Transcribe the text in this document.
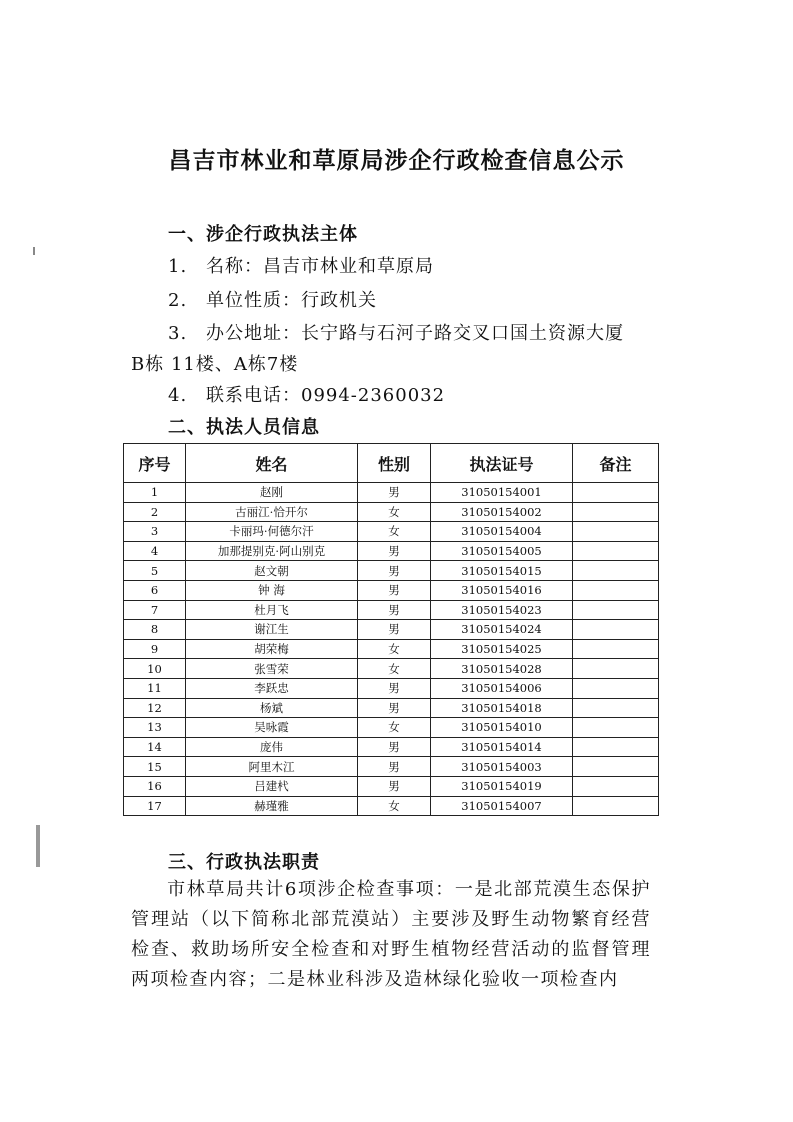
昌吉市林业和草原局涉企行政检查信息公示
一、涉企行政执法主体
1. 名称：昌吉市林业和草原局
2. 单位性质：行政机关
3. 办公地址：长宁路与石河子路交叉口国土资源大厦
B栋 11楼、A栋7楼
4. 联系电话：0994-2360032
二、执法人员信息
序号	姓名	性别	执法证号	备注
1	赵刚	男	31050154001	
2	古丽江·恰开尔	女	31050154002	
3	卡丽玛·何德尔汗	女	31050154004	
4	加那提别克·阿山别克	男	31050154005	
5	赵文朝	男	31050154015	
6	钟 海	男	31050154016	
7	杜月飞	男	31050154023	
8	谢江生	男	31050154024	
9	胡荣梅	女	31050154025	
10	张雪荣	女	31050154028	
11	李跃忠	男	31050154006	
12	杨斌	男	31050154018	
13	吴咏霞	女	31050154010	
14	庞伟	男	31050154014	
15	阿里木江	男	31050154003	
16	吕建杙	男	31050154019	
17	赫瑾雅	女	31050154007	
三、行政执法职责
市林草局共计6项涉企检查事项：一是北部荒漠生态保护管理站（以下简称北部荒漠站）主要涉及野生动物繁育经营检查、救助场所安全检查和对野生植物经营活动的监督管理两项检查内容；二是林业科涉及造林绿化验收一项检查内
